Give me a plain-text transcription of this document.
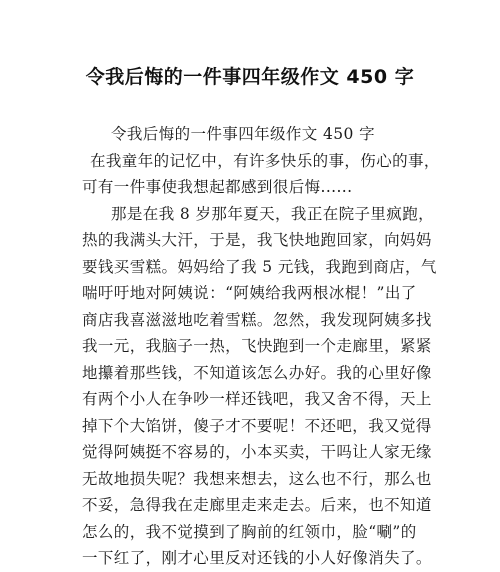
令我后悔的一件事四年级作文 450 字
令我后悔的一件事四年级作文 450 字
在我童年的记忆中，有许多快乐的事，伤心的事，
可有一件事使我想起都感到很后悔......
那是在我 8 岁那年夏天，我正在院子里疯跑，
热的我满头大汗，于是，我飞快地跑回家，向妈妈
要钱买雪糕。妈妈给了我 5 元钱，我跑到商店，气
喘吁吁地对阿姨说：“阿姨给我两根冰棍！”出了
商店我喜滋滋地吃着雪糕。忽然，我发现阿姨多找
我一元，我脑子一热，飞快跑到一个走廊里，紧紧
地攥着那些钱，不知道该怎么办好。我的心里好像
有两个小人在争吵一样还钱吧，我又舍不得，天上
掉下个大馅饼，傻子才不要呢！不还吧，我又觉得
觉得阿姨挺不容易的，小本买卖，干吗让人家无缘
无故地损失呢？我想来想去，这么也不行，那么也
不妥，急得我在走廊里走来走去。后来，也不知道
怎么的，我不觉摸到了胸前的红领巾，脸“唰”的
一下红了，刚才心里反对还钱的小人好像消失了。
